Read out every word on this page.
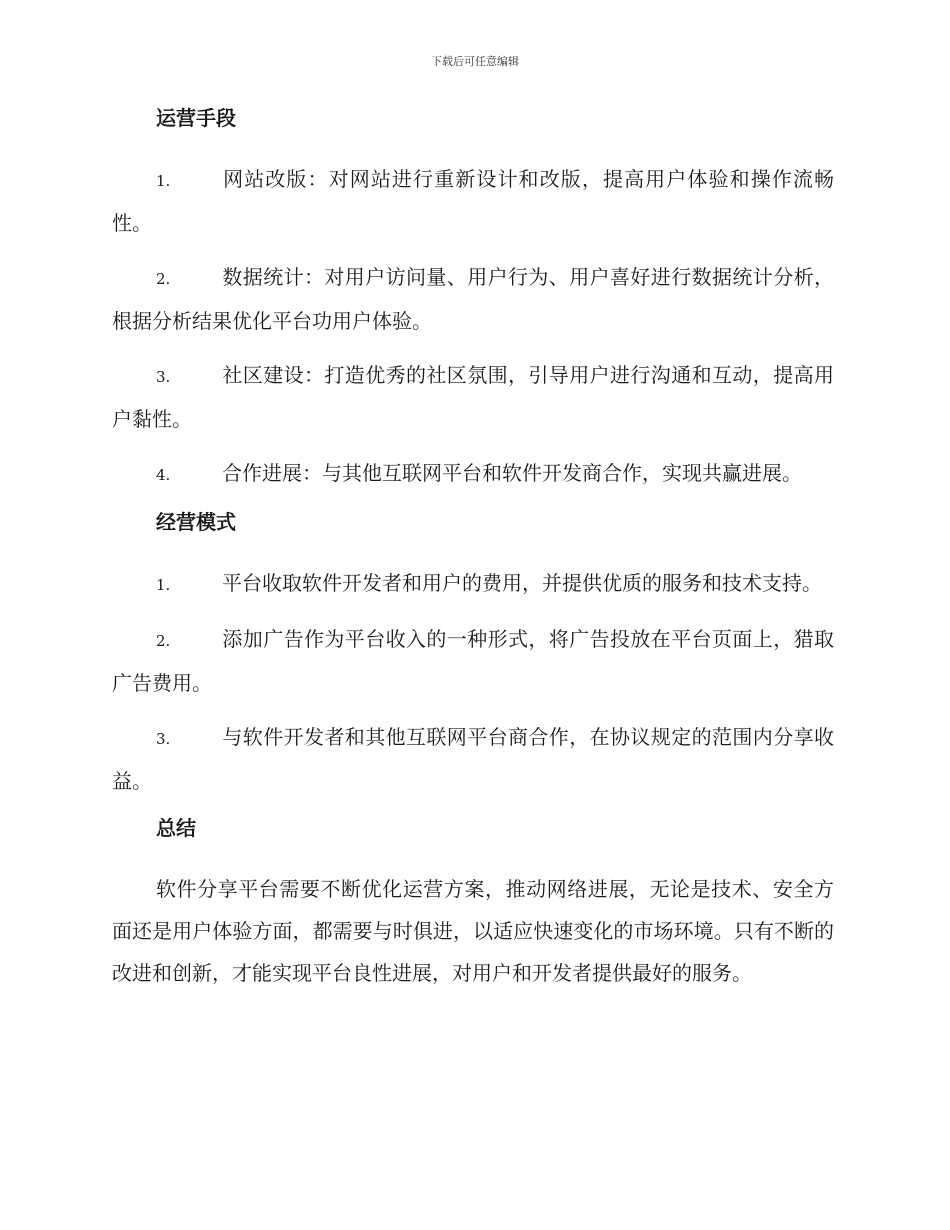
下载后可任意编辑
运营手段
1.	网站改版：对网站进行重新设计和改版，提高用户体验和操作流畅性。
2.	数据统计：对用户访问量、用户行为、用户喜好进行数据统计分析，根据分析结果优化平台功用户体验。
3.	社区建设：打造优秀的社区氛围，引导用户进行沟通和互动，提高用户黏性。
4.	合作进展：与其他互联网平台和软件开发商合作，实现共赢进展。
经营模式
1.	平台收取软件开发者和用户的费用，并提供优质的服务和技术支持。
2.	添加广告作为平台收入的一种形式，将广告投放在平台页面上，猎取广告费用。
3.	与软件开发者和其他互联网平台商合作，在协议规定的范围内分享收益。
总结
软件分享平台需要不断优化运营方案，推动网络进展，无论是技术、安全方面还是用户体验方面，都需要与时俱进，以适应快速变化的市场环境。只有不断的改进和创新，才能实现平台良性进展，对用户和开发者提供最好的服务。
